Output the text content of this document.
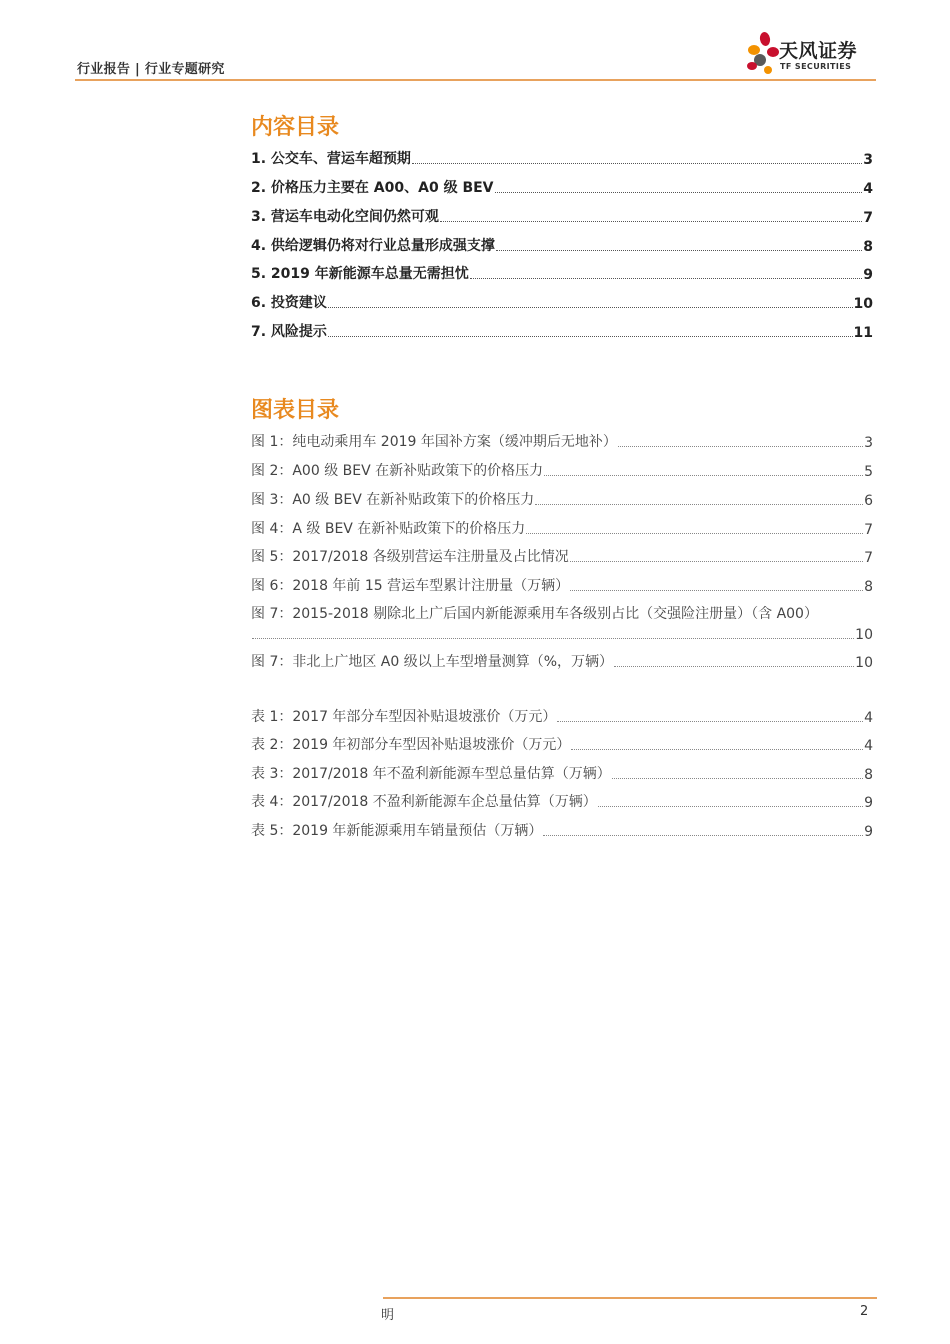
行业报告 | 行业专题研究
天风证券
TF SECURITIES
内容目录
1. 公交车、营运车超预期	3
2. 价格压力主要在 A00、A0 级 BEV	4
3. 营运车电动化空间仍然可观	7
4. 供给逻辑仍将对行业总量形成强支撑	8
5. 2019 年新能源车总量无需担忧	9
6. 投资建议	10
7. 风险提示	11
图表目录
图 1：纯电动乘用车 2019 年国补方案（缓冲期后无地补）	3
图 2：A00 级 BEV 在新补贴政策下的价格压力	5
图 3：A0 级 BEV 在新补贴政策下的价格压力	6
图 4：A 级 BEV 在新补贴政策下的价格压力	7
图 5：2017/2018 各级别营运车注册量及占比情况	7
图 6：2018 年前 15 营运车型累计注册量（万辆）	8
图 7：2015-2018 剔除北上广后国内新能源乘用车各级别占比（交强险注册量）（含 A00）
10
图 7：非北上广地区 A0 级以上车型增量测算（%，万辆）	10
表 1：2017 年部分车型因补贴退坡涨价（万元）	4
表 2：2019 年初部分车型因补贴退坡涨价（万元）	4
表 3：2017/2018 年不盈利新能源车型总量估算（万辆）	8
表 4：2017/2018 不盈利新能源车企总量估算（万辆）	9
表 5：2019 年新能源乘用车销量预估（万辆）	9
明	2
